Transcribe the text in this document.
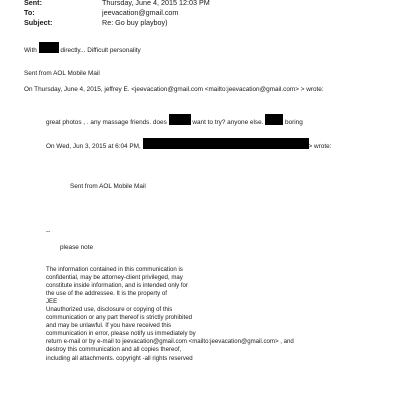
Sent:	Thursday, June 4, 2015 12:03 PM
To:	jeevacation@gmail.com
Subject:	Re: Go buy playboy)
With	directly... Difficult personality
Sent from AOL Mobile Mail
On Thursday, June 4, 2015, jeffrey E. <jeevacation@gmail.com <mailto:jeevacation@gmail.com> > wrote:
great photos , . any massage friends. does	want to try? anyone else.	boring
On Wed, Jun 3, 2015 at 6:04 PM,	> wrote:
Sent from AOL Mobile Mail
--
please note
The information contained in this communication is
confidential, may be attorney-client privileged, may
constitute inside information, and is intended only for
the use of the addressee. It is the property of
JEE
Unauthorized use, disclosure or copying of this
communication or any part thereof is strictly prohibited
and may be unlawful. If you have received this
communication in error, please notify us immediately by
return e-mail or by e-mail to jeevacation@gmail.com <mailto:jeevacation@gmail.com> , and
destroy this communication and all copies thereof,
including all attachments. copyright -all rights reserved
